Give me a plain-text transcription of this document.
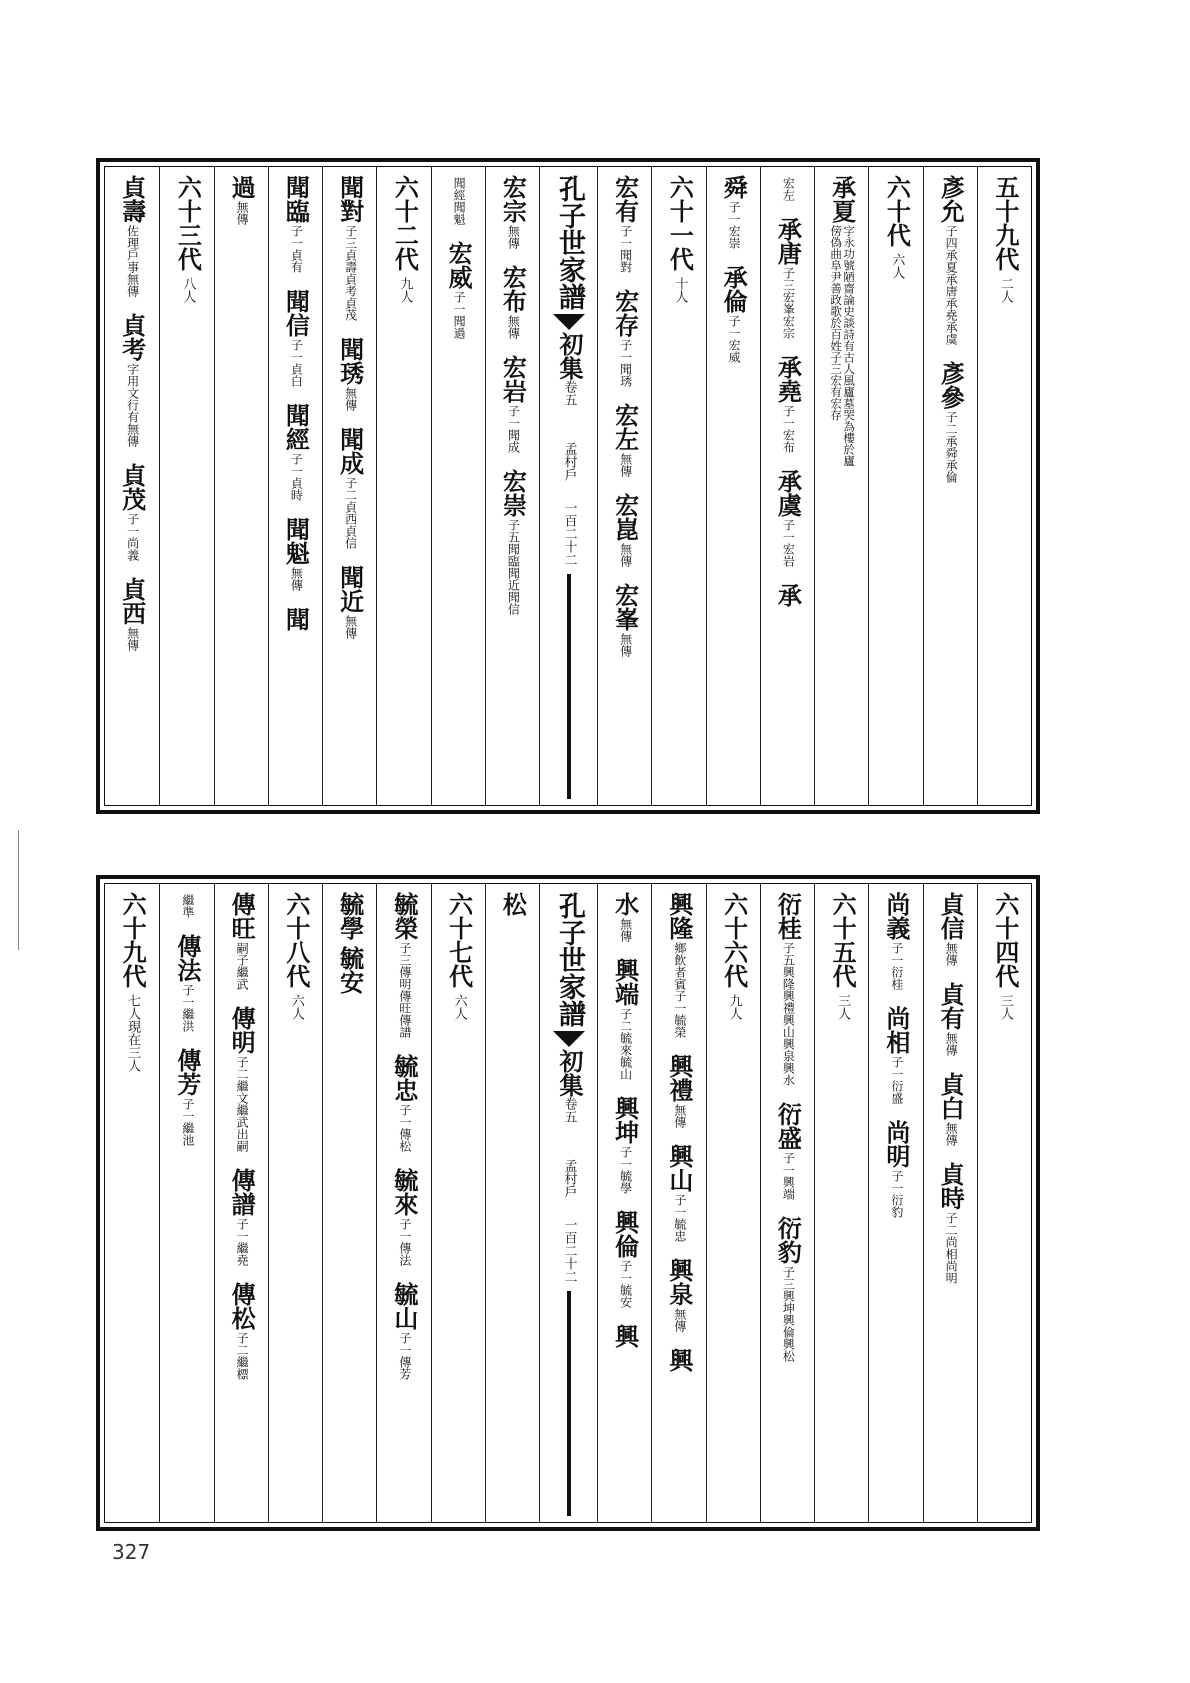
五十九代
二人
彥允
子四承夏承唐承堯承虞
彥參
子二承舜承倫
六十代
六人
承夏
字永功號陋齋論史談詩有古人風廬墓哭為樓於廬傍偽曲阜尹善政歌於百姓子三宏有宏存
宏左
承唐
子三宏峯宏宗
承堯
子一宏布
承虞
子一宏岩
承
舜
子一宏崇
承倫
子一宏威
六十一代
十人
宏有
子一聞對
宏存
子一聞琇
宏左
無傳
宏崑
無傳
宏峯
無傳
孔子世家譜
初集
卷五
孟村戶
一百二十二
宏宗
無傳
宏布
無傳
宏岩
子一聞成
宏崇
子五聞臨聞近聞信
聞經聞魁
宏威
子一聞過
六十二代
九人
聞對
子三貞壽貞考貞茂
聞琇
無傳
聞成
子二貞西貞信
聞近
無傳
聞臨
子一貞有
聞信
子一貞白
聞經
子一貞時
聞魁
無傳
聞
過
無傳
六十三代
八人
貞壽
佐理戶事無傳
貞考
字用文行有無傳
貞茂
子一尚義
貞西
無傳
六十四代
三人
貞信
無傳
貞有
無傳
貞白
無傳
貞時
子二尚相尚明
尚義
子一衍桂
尚相
子一衍盛
尚明
子一衍豹
六十五代
三人
衍桂
子五興隆興禮興山興泉興水
衍盛
子一興端
衍豹
子三興坤興倫興松
六十六代
九人
興隆
鄉飲者賓子一毓榮
興禮
無傳
興山
子一毓忠
興泉
無傳
興
水
無傳
興端
子二毓來毓山
興坤
子一毓學
興倫
子一毓安
興
孔子世家譜
初集
卷五
孟村戶
一百二十二
松
六十七代
六人
毓榮
子三傳明傳旺傳譜
毓忠
子一傳松
毓來
子一傳法
毓山
子一傳芳
毓學
毓安
六十八代
六人
傳旺
嗣子繼武
傳明
子二繼文繼武出嗣
傳譜
子一繼堯
傳松
子二繼標
繼準
傳法
子一繼洪
傳芳
子一繼池
六十九代
七人現在三人
327
